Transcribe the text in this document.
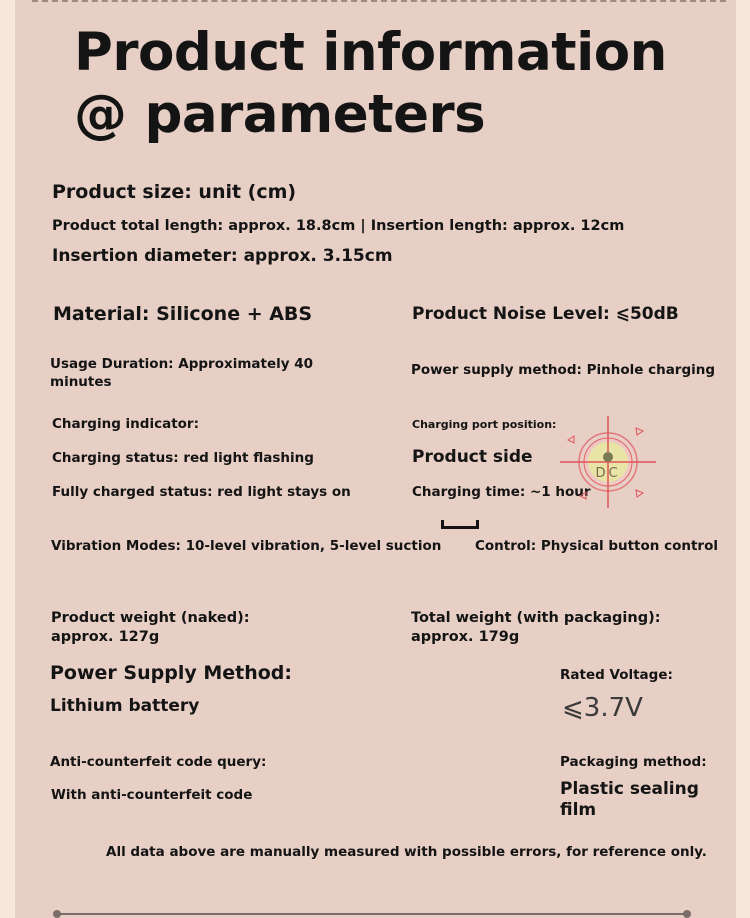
Product information @ parameters
Product size: unit (cm)
Product total length: approx. 18.8cm | Insertion length: approx. 12cm
Insertion diameter: approx. 3.15cm
Material: Silicone + ABS	Product Noise Level: ⩽50dB
Usage Duration: Approximately 40 minutes
Power supply method: Pinhole charging
Charging indicator:
Charging status: red light flashing
Fully charged status: red light stays on
Charging port position:
Product side
Charging time: ~1 hour
DC
Vibration Modes: 10-level vibration, 5-level suction Control: Physical button control
Product weight (naked): approx. 127g
Total weight (with packaging): approx. 179g
Power Supply Method:
Lithium battery
Rated Voltage:
⩽3.7V
Anti-counterfeit code query:
With anti-counterfeit code
Packaging method:
Plastic sealing film
All data above are manually measured with possible errors, for reference only.
